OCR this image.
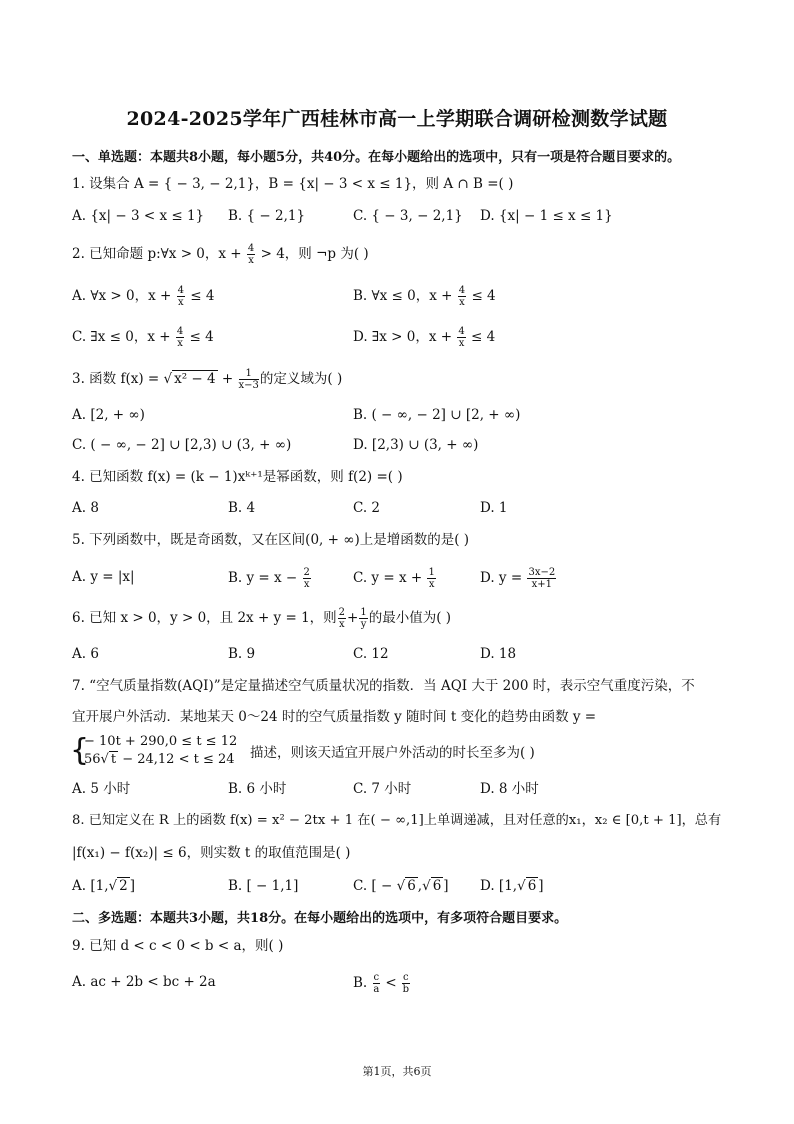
2024-2025学年广西桂林市高一上学期联合调研检测数学试题
一、单选题：本题共8小题，每小题5分，共40分。在每小题给出的选项中，只有一项是符合题目要求的。
1. 设集合 A = { − 3, − 2,1}，B = {x| − 3 < x ≤ 1}，则 A ∩ B =( )
A. {x| − 3 < x ≤ 1} B. { − 2,1}	C. { − 3, − 2,1} D. {x| − 1 ≤ x ≤ 1}
2. 已知命题 p:∀x > 0，$x + \frac{4}{x} > 4$，则 ¬p 为( )
A. ∀x > 0，$x + \frac{4}{x} \le 4$	B. ∀x ≤ 0，$x + \frac{4}{x} \le 4$
C. ∃x ≤ 0，$x + \frac{4}{x} \le 4$	D. ∃x > 0，$x + \frac{4}{x} \le 4$
3. 函数 f(x) = √ $x^2 - 4 + \frac{1}{x-3}$ 的定义域为( )
A. [2, + ∞)	B. ( − ∞, − 2] ∪ [2, + ∞)
C. ( − ∞, − 2] ∪ [2,3) ∪ (3, + ∞)	D. [2,3) ∪ (3, + ∞)
4. 已知函数 f(x) = (k − 1)xᵏ⁺¹是幂函数，则 f(2) =( )
A. 8	B. 4	C. 2	D. 1
5. 下列函数中，既是奇函数，又在区间(0, + ∞)上是增函数的是( )
A. y = |x|	B. $y = x - \frac{2}{x}$	C. $y = x + \frac{1}{x}$	D. $y = \frac{3x-2}{x+1}$
6. 已知 x > 0，y > 0，且 2x + y = 1，则 $\frac{2}{x} + \frac{1}{y}$ 的最小值为( )
A. 6	B. 9	C. 12	D. 18
7. “空气质量指数(AQI)”是定量描述空气质量状况的指数．当 AQI 大于 200 时，表示空气重度污染，不
宜开展户外活动．某地某天 0～24 时的空气质量指数 y 随时间 t 变化的趋势由函数 y =
{
− 10t + 290,0 ≤ t ≤ 12
56√ t − 24,12 < t ≤ 24 描述，则该天适宜开展户外活动的时长至多为( )
A. 5 小时	B. 6 小时	C. 7 小时	D. 8 小时
8. 已知定义在 R 上的函数 f(x) = x² − 2tx + 1 在( − ∞,1]上单调递减，且对任意的x₁，x₂ ∈ [0,t + 1]，总有
|f(x₁) − f(x₂)| ≤ 6，则实数 t 的取值范围是( )
A. [1,√ 2 ]	B. [ − 1,1]	C. [ − √ 6 ,√ 6 ] D. [1,√ 6 ]
二、多选题：本题共3小题，共18分。在每小题给出的选项中，有多项符合题目要求。
9. 已知 d < c < 0 < b < a，则( )
A. ac + 2b < bc + 2a	B. $\frac{c}{a} < \frac{c}{b}$
第1页，共6页
